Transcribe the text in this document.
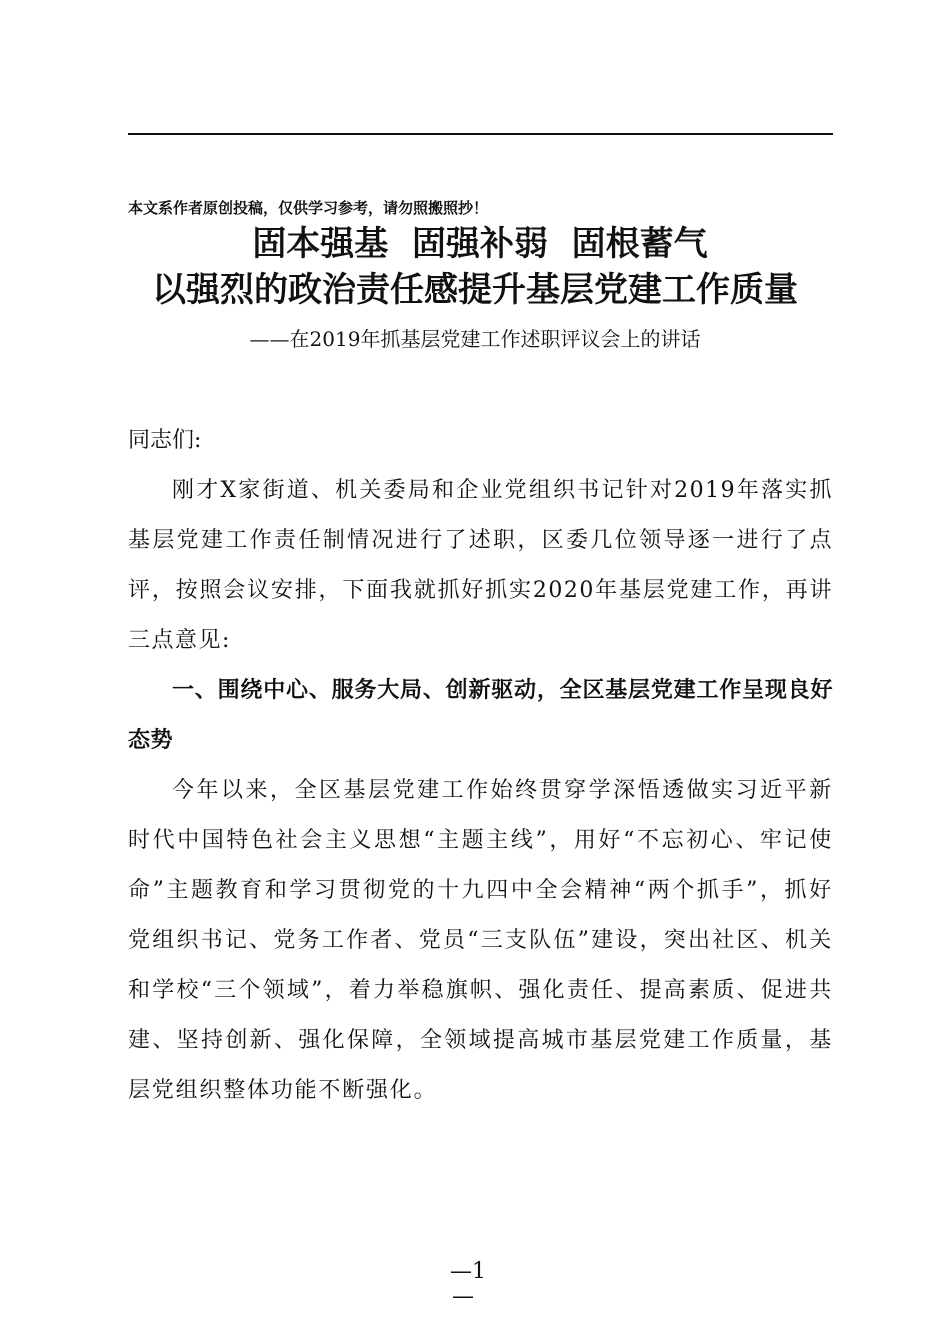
本文系作者原创投稿，仅供学习参考，请勿照搬照抄！
固本强基  固强补弱  固根蓄气
以强烈的政治责任感提升基层党建工作质量
——在2019年抓基层党建工作述职评议会上的讲话

同志们:

刚才X家街道、机关委局和企业党组织书记针对2019年落实抓基层党建工作责任制情况进行了述职，区委几位领导逐一进行了点评，按照会议安排，下面我就抓好抓实2020年基层党建工作，再讲三点意见:

一、围绕中心、服务大局、创新驱动，全区基层党建工作呈现良好态势

今年以来，全区基层党建工作始终贯穿学深悟透做实习近平新时代中国特色社会主义思想“主题主线”，用好“不忘初心、牢记使命”主题教育和学习贯彻党的十九四中全会精神“两个抓手”，抓好党组织书记、党务工作者、党员“三支队伍”建设，突出社区、机关和学校“三个领域”，着力举稳旗帜、强化责任、提高素质、促进共建、坚持创新、强化保障，全领域提高城市基层党建工作质量，基层党组织整体功能不断强化。

—1
—
